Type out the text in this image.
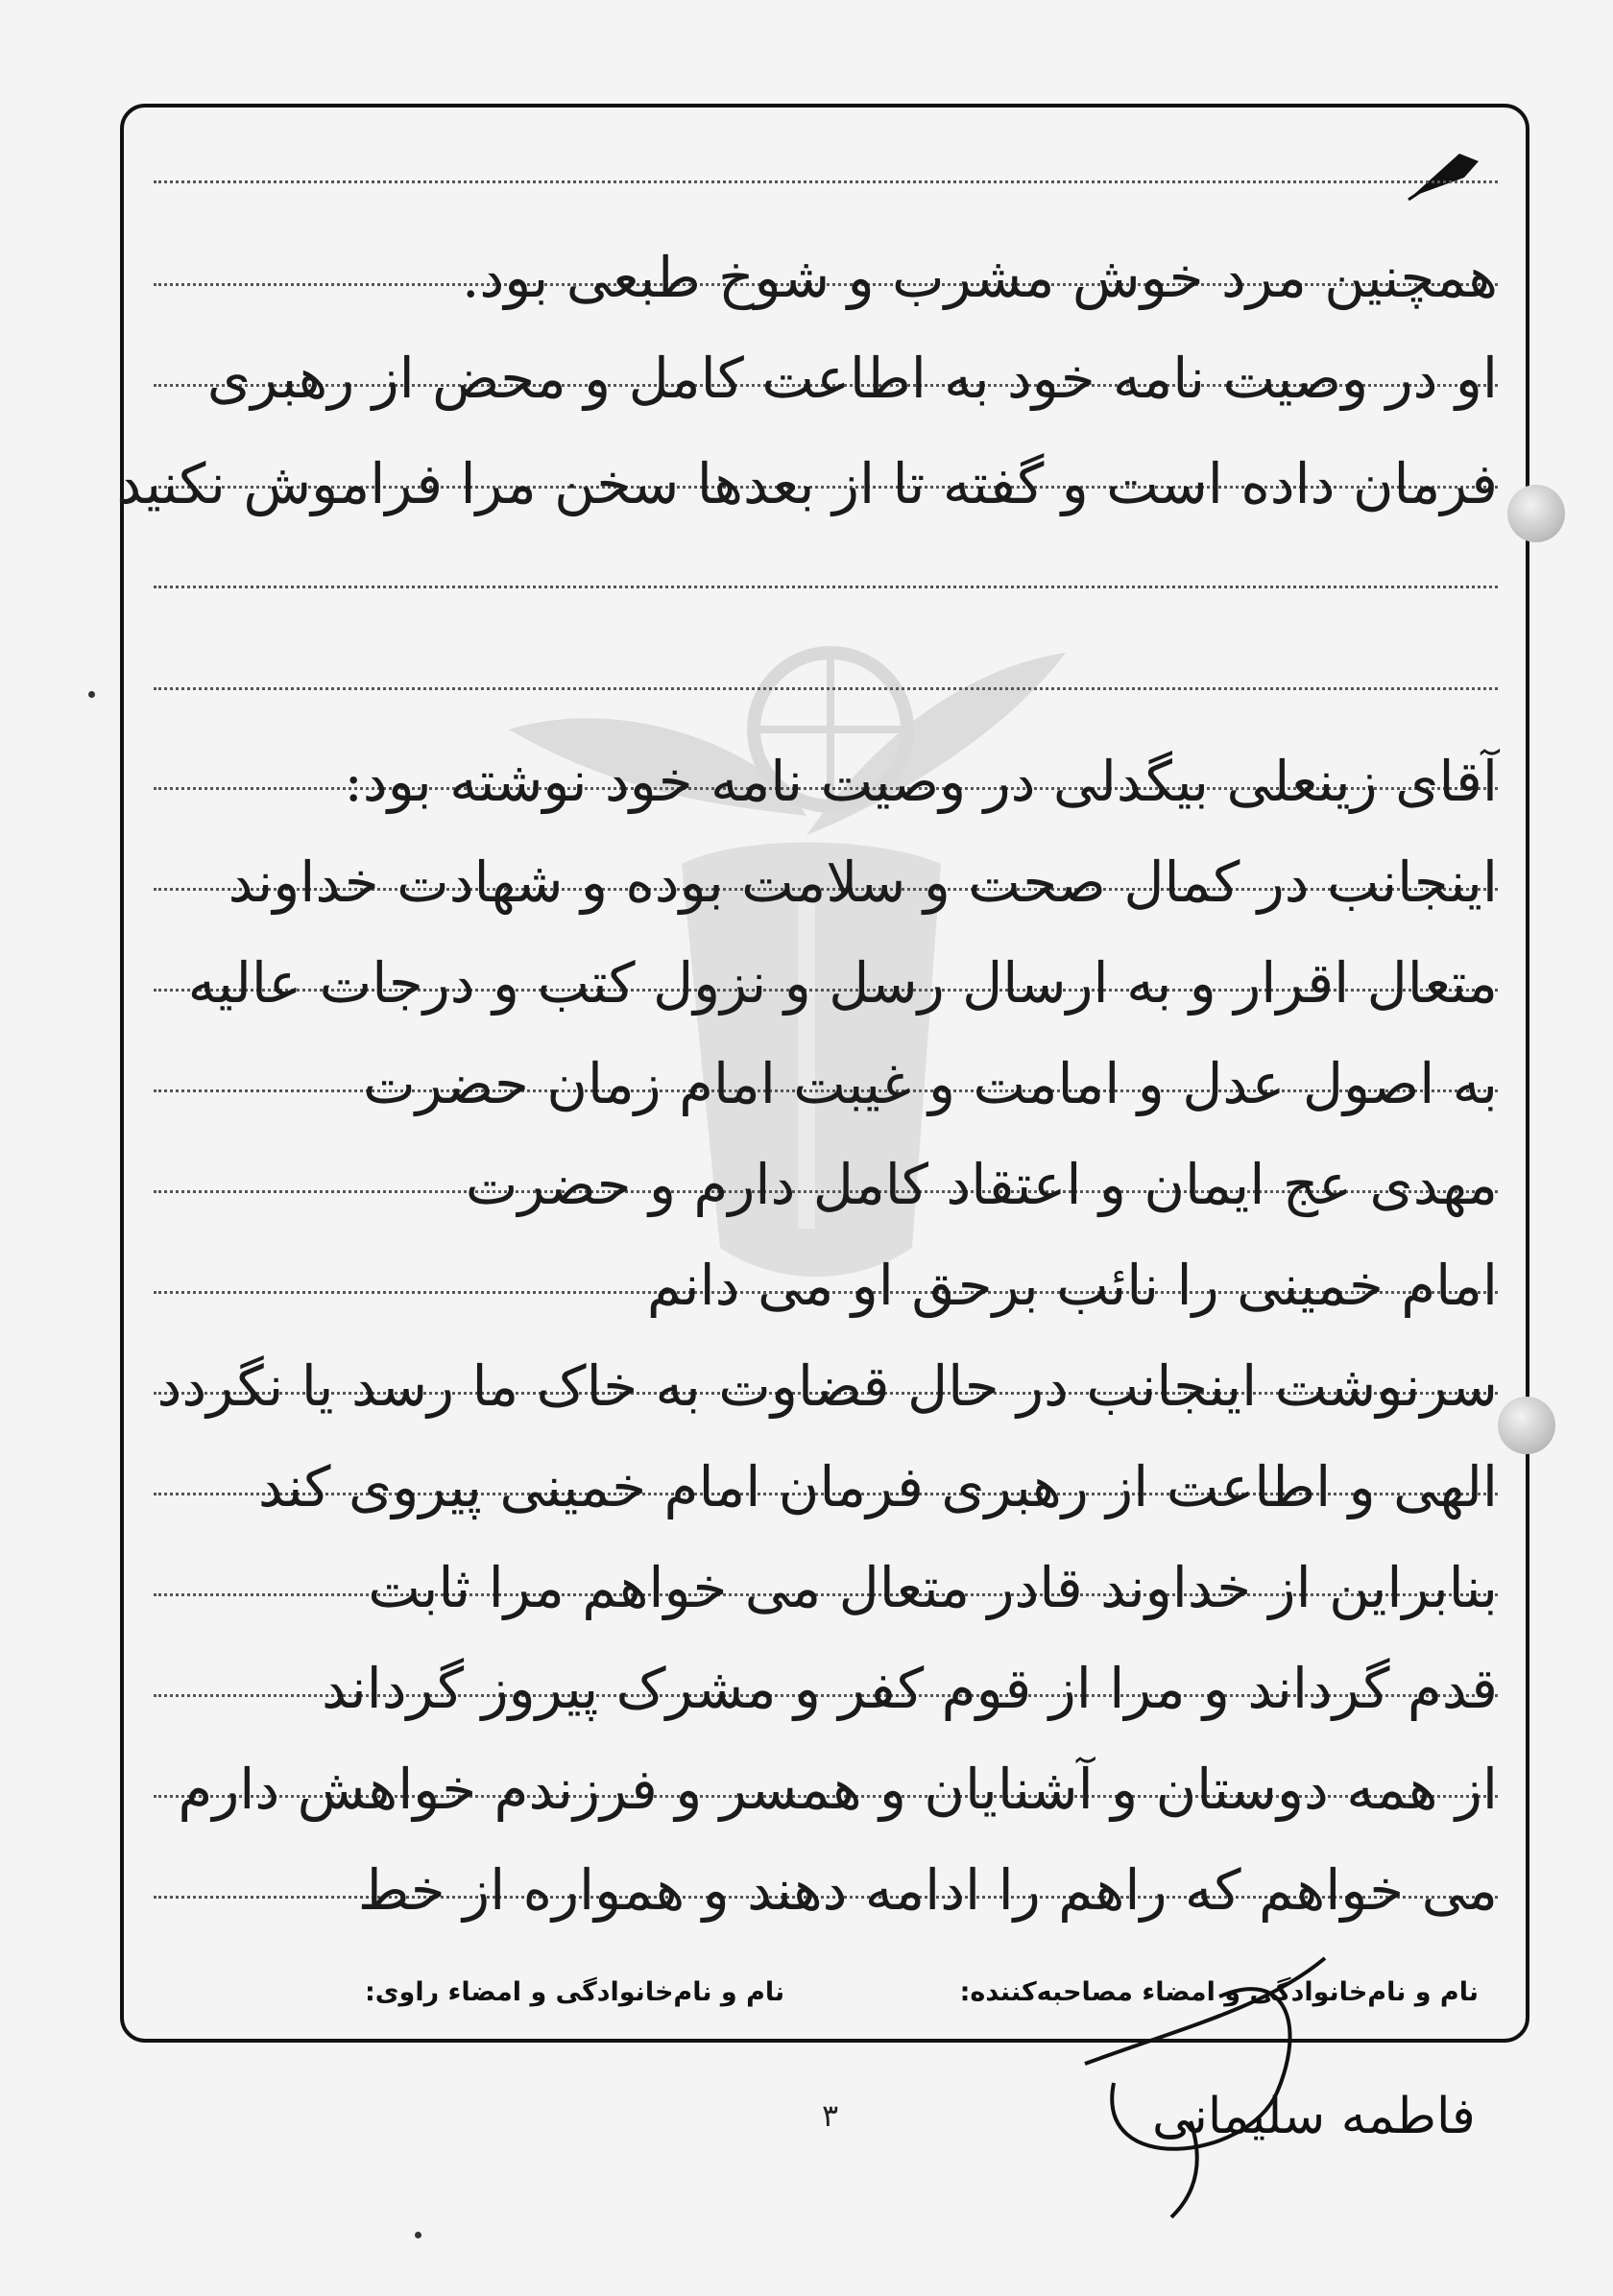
همچنین مرد خوش مشرب و شوخ طبعی بود.
او در وصیت نامه خود به اطاعت کامل و محض از رهبری
فرمان داده است و گفته تا از بعدها سخن مرا فراموش نکنید
آقای زینعلی بیگدلی در وصیت نامه خود نوشته بود:
اینجانب در کمال صحت و سلامت بوده و شهادت خداوند
متعال اقرار و به ارسال رسل و نزول کتب و درجات عالیه
به اصول عدل و امامت و غیبت امام زمان حضرت
مهدی عج ایمان و اعتقاد کامل دارم و حضرت
امام خمینی را نائب برحق او می دانم
سرنوشت اینجانب در حال قضاوت به خاک ما رسد یا نگردد
الهی و اطاعت از رهبری فرمان امام خمینی پیروی کند
بنابراین از خداوند قادر متعال می خواهم مرا ثابت
قدم گرداند و مرا از قوم کفر و مشرک پیروز گرداند
از همه دوستان و آشنایان و همسر و فرزندم خواهش دارم
می خواهم که راهم را ادامه دهند و همواره از خط
نام و نام‌خانوادگی و امضاء مصاحبه‌کننده:
نام و نام‌خانوادگی و امضاء راوی:
فاطمه سلیمانی
۳
